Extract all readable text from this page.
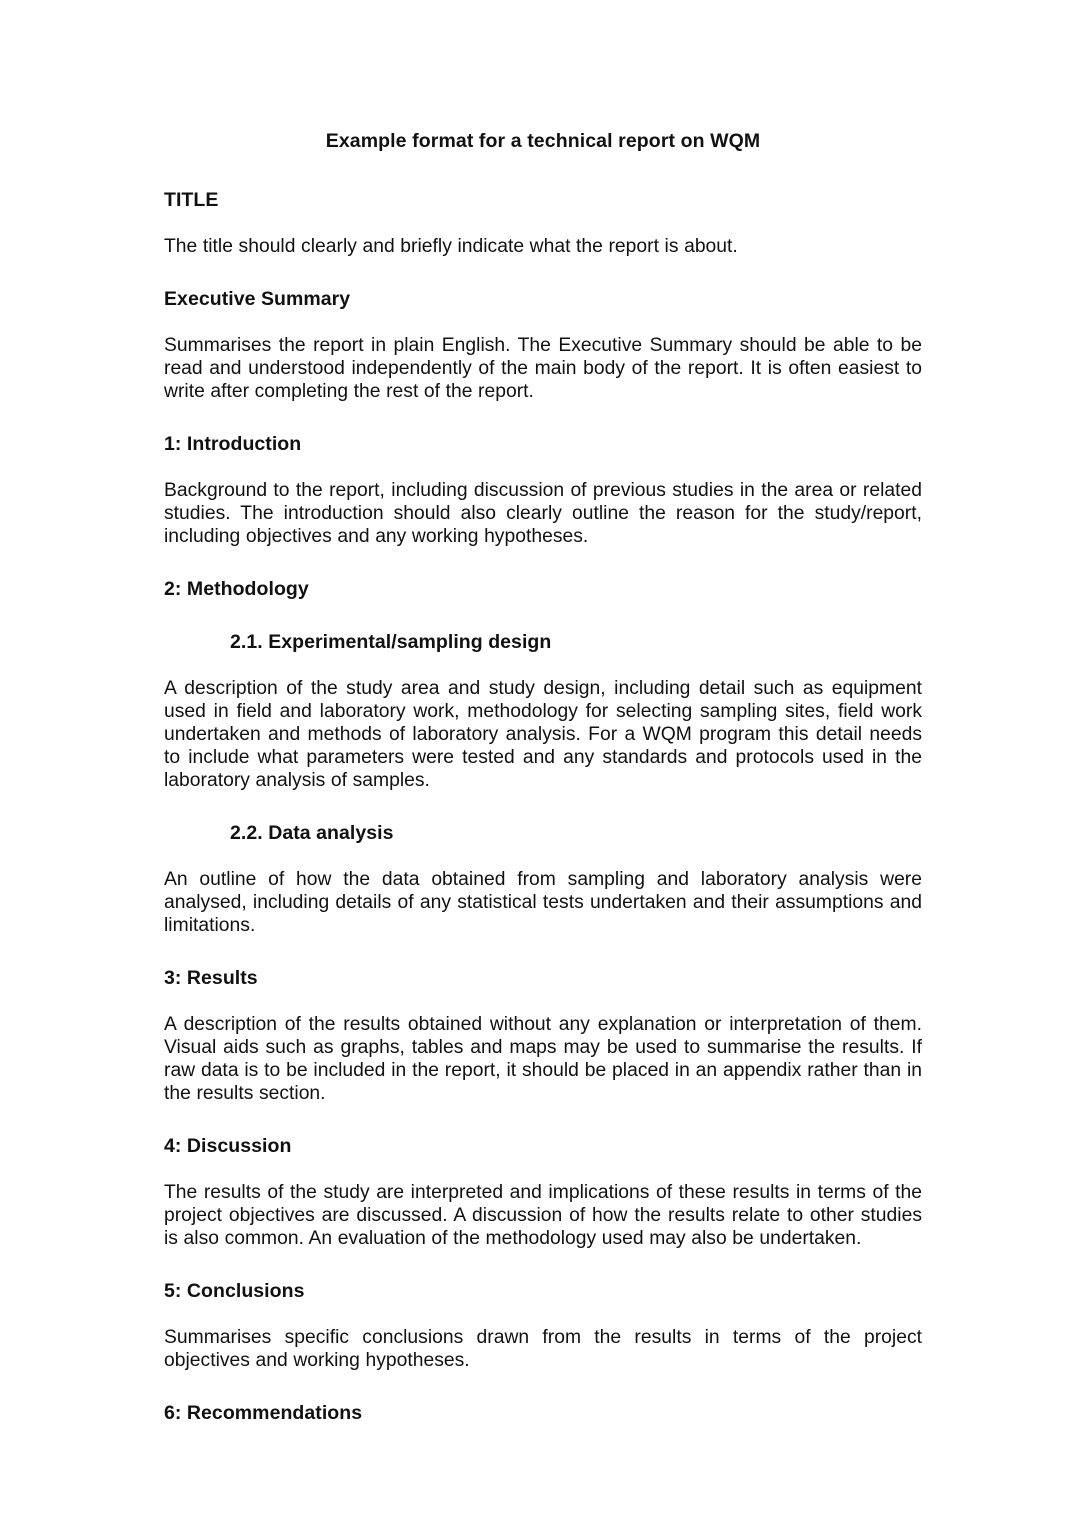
Example format for a technical report on WQM
TITLE

The title should clearly and briefly indicate what the report is about.

Executive Summary

Summarises the report in plain English. The Executive Summary should be able to be read and understood independently of the main body of the report. It is often easiest to write after completing the rest of the report.

1: Introduction

Background to the report, including discussion of previous studies in the area or related studies. The introduction should also clearly outline the reason for the study/report, including objectives and any working hypotheses.

2: Methodology
2.1. Experimental/sampling design

A description of the study area and study design, including detail such as equipment used in field and laboratory work, methodology for selecting sampling sites, field work undertaken and methods of laboratory analysis. For a WQM program this detail needs to include what parameters were tested and any standards and protocols used in the laboratory analysis of samples.

2.2. Data analysis

An outline of how the data obtained from sampling and laboratory analysis were analysed, including details of any statistical tests undertaken and their assumptions and limitations.

3: Results

A description of the results obtained without any explanation or interpretation of them. Visual aids such as graphs, tables and maps may be used to summarise the results. If raw data is to be included in the report, it should be placed in an appendix rather than in the results section.

4: Discussion

The results of the study are interpreted and implications of these results in terms of the project objectives are discussed. A discussion of how the results relate to other studies is also common. An evaluation of the methodology used may also be undertaken.

5: Conclusions

Summarises specific conclusions drawn from the results in terms of the project objectives and working hypotheses.

6: Recommendations
